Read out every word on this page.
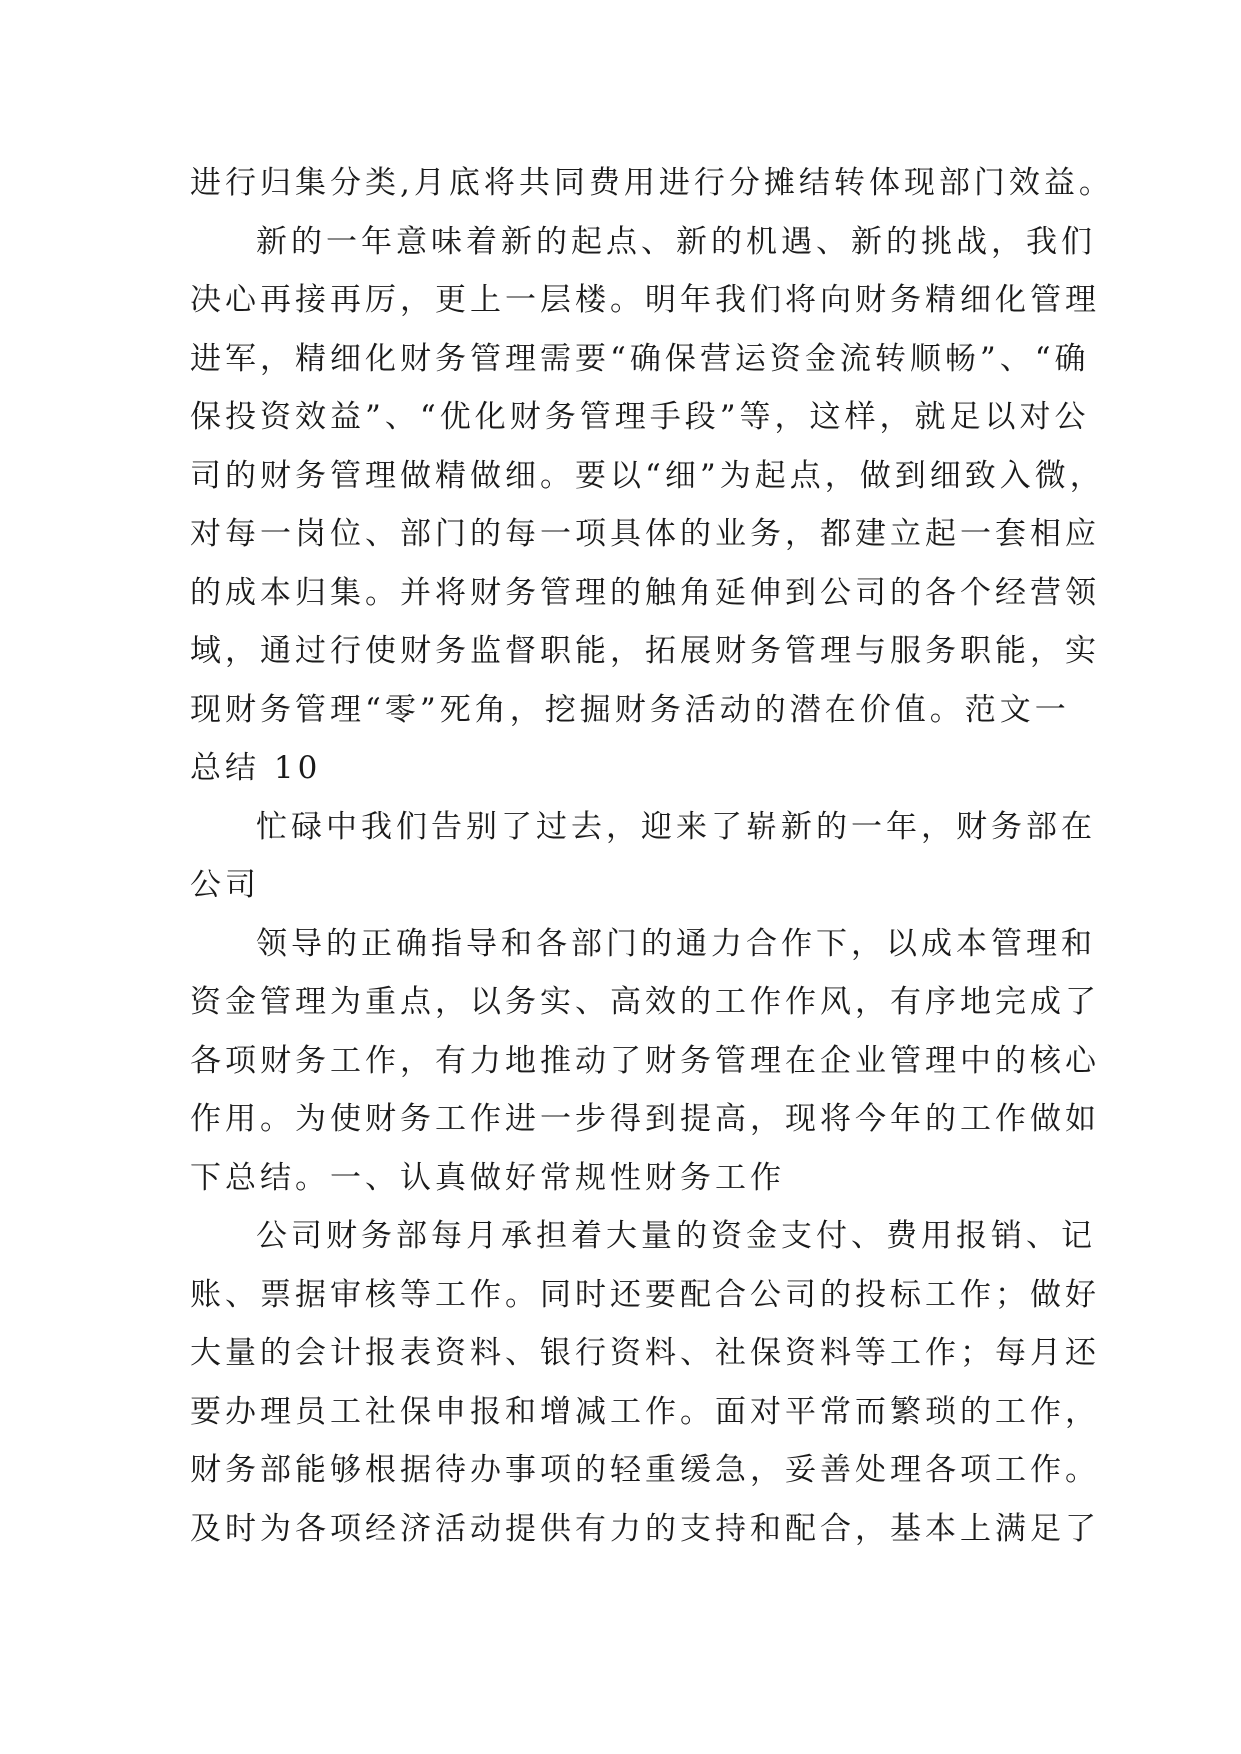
进行归集分类,月底将共同费用进行分摊结转体现部门效益。
新的一年意味着新的起点、新的机遇、新的挑战，我们
决心再接再厉，更上一层楼。明年我们将向财务精细化管理
进军，精细化财务管理需要“确保营运资金流转顺畅”、“确
保投资效益”、“优化财务管理手段”等，这样，就足以对公
司的财务管理做精做细。要以“细”为起点，做到细致入微，
对每一岗位、部门的每一项具体的业务，都建立起一套相应
的成本归集。并将财务管理的触角延伸到公司的各个经营领
域，通过行使财务监督职能，拓展财务管理与服务职能，实
现财务管理“零”死角，挖掘财务活动的潜在价值。范文一
总结 10
忙碌中我们告别了过去，迎来了崭新的一年，财务部在
公司
领导的正确指导和各部门的通力合作下，以成本管理和
资金管理为重点，以务实、高效的工作作风，有序地完成了
各项财务工作，有力地推动了财务管理在企业管理中的核心
作用。为使财务工作进一步得到提高，现将今年的工作做如
下总结。一、认真做好常规性财务工作
公司财务部每月承担着大量的资金支付、费用报销、记
账、票据审核等工作。同时还要配合公司的投标工作；做好
大量的会计报表资料、银行资料、社保资料等工作；每月还
要办理员工社保申报和增减工作。面对平常而繁琐的工作，
财务部能够根据待办事项的轻重缓急，妥善处理各项工作。
及时为各项经济活动提供有力的支持和配合，基本上满足了
